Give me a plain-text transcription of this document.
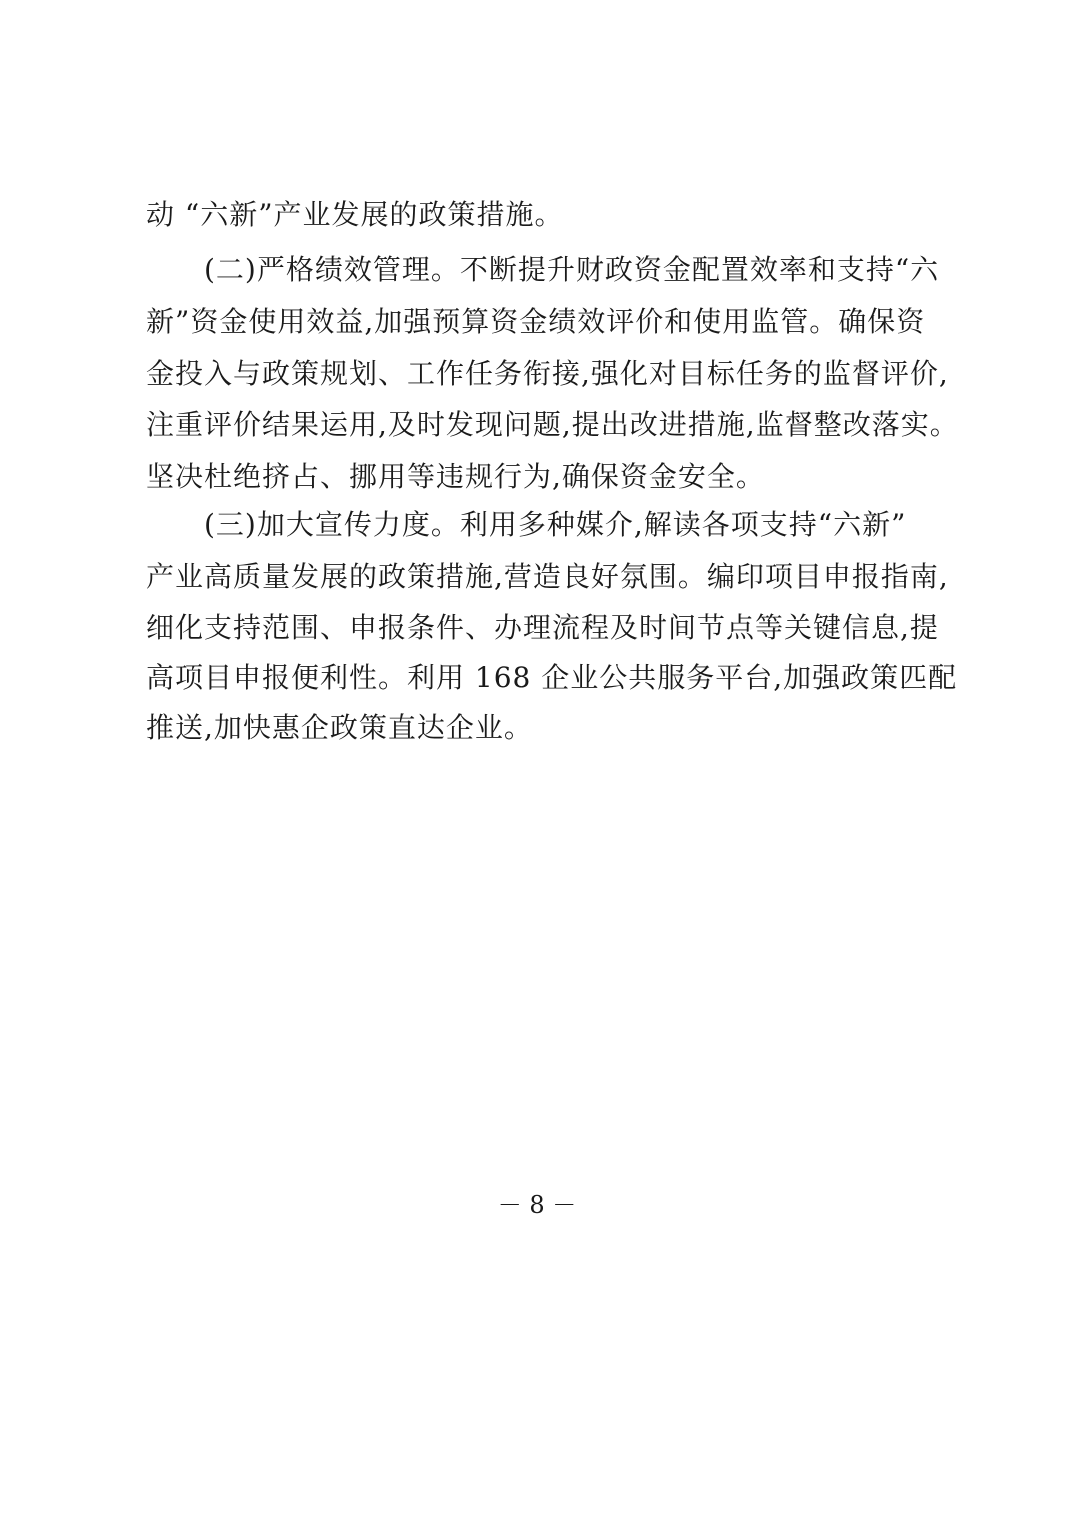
动 “六新”产业发展的政策措施。
　　(二)严格绩效管理。不断提升财政资金配置效率和支持“六
新”资金使用效益,加强预算资金绩效评价和使用监管。确保资
金投入与政策规划、工作任务衔接,强化对目标任务的监督评价,
注重评价结果运用,及时发现问题,提出改进措施,监督整改落实。
坚决杜绝挤占、挪用等违规行为,确保资金安全。
　　(三)加大宣传力度。利用多种媒介,解读各项支持“六新”
产业高质量发展的政策措施,营造良好氛围。编印项目申报指南,
细化支持范围、申报条件、办理流程及时间节点等关键信息,提
高项目申报便利性。利用 168 企业公共服务平台,加强政策匹配
推送,加快惠企政策直达企业。
－ 8 －
